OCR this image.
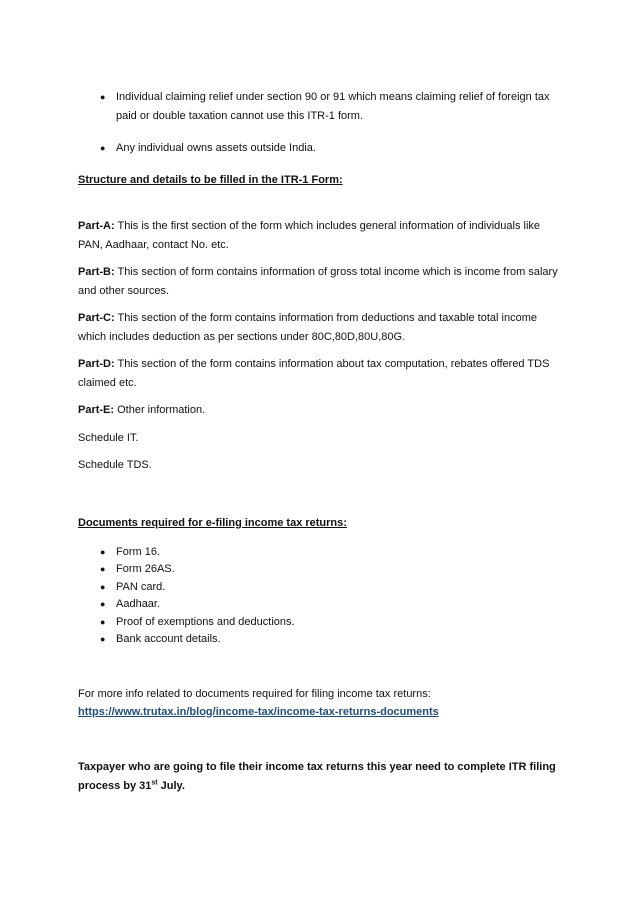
● Individual claiming relief under section 90 or 91 which means claiming relief of foreign tax paid or double taxation cannot use this ITR-1 form.
● Any individual owns assets outside India.

Structure and details to be filled in the ITR-1 Form:

Part-A: This is the first section of the form which includes general information of individuals like PAN, Aadhaar, contact No. etc.

Part-B: This section of form contains information of gross total income which is income from salary and other sources.

Part-C: This section of the form contains information from deductions and taxable total income which includes deduction as per sections under 80C,80D,80U,80G.

Part-D: This section of the form contains information about tax computation, rebates offered TDS claimed etc.

Part-E: Other information.

Schedule IT.

Schedule TDS.

Documents required for e-filing income tax returns:

● Form 16.
● Form 26AS.
● PAN card.
● Aadhaar.
● Proof of exemptions and deductions.
● Bank account details.

For more info related to documents required for filing income tax returns:

https://www.trutax.in/blog/income-tax/income-tax-returns-documents

Taxpayer who are going to file their income tax returns this year need to complete ITR filing process by 31st July.
